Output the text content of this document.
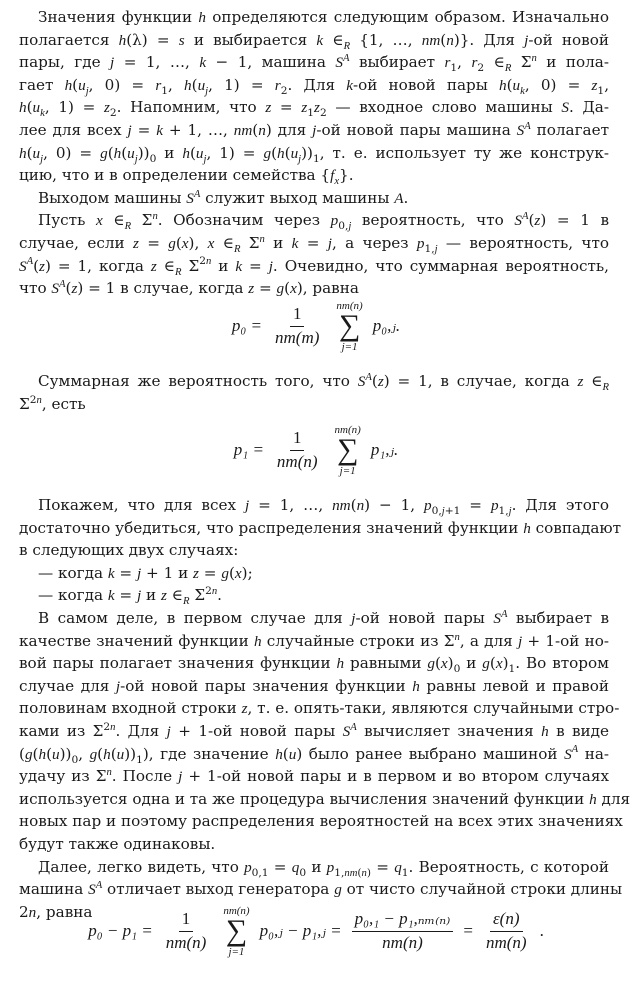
Значения функции h определяются следующим образом. Изначально
полагается h(λ) = s и выбирается k $\in_R$ {1, …, nm(n)}. Для j-ой новой
пары, где j = 1, …, k − 1, машина $S^A$ выбирает $r_1$, $r_2$ $\in_R$ $\Sigma^n$ и пола-
гает $h(u_j$, $0) = r_1$, $h(u_j$, $1) = r_2$. Для k-ой новой пары $h(u_k$, $0) = z_1$,
$h(u_k$, $1) = z_2$. Напомним, что $z = z_1z_2$ — входное слово машины S. Да-
лее для всех j = k + 1, …, nm(n) для j-ой новой пары машина $S^A$ полагает
$h(u_j$, $0) = g(h(u_j))_0$ и $h(u_j$, $1) = g(h(u_j))_1$, т. е. использует ту же конструк-
цию, что и в определении семейства $\{f_x\}$.
Выходом машины $S^A$ служит выход машины A.
Пусть x $\in_R$ $\Sigma^n$. Обозначим через $p_{0,j}$ вероятность, что $S^A(z) = 1$ в
случае, если z = g(x), x $\in_R$ $\Sigma^n$ и k = j, а через $p_{1,j}$ — вероятность, что
$S^A(z) = 1$, когда z $\in_R$ $\Sigma^{2n}$ и k = j. Очевидно, что суммарная вероятность,
что $S^A(z) = 1$ в случае, когда z = g(x), равна
$p_0 = \frac{1}{nm(m)} nm(n)$
∑
j=1
p₀,ⱼ.
Суммарная же вероятность того, что $S^A(z) = 1$, в случае, когда z $\in_R$
$\Sigma^{2n}$, есть
$p_1 = \frac{1}{nm(n)} nm(n)$
∑
j=1
p₁,ⱼ.
Покажем, что для всех j = 1, …, nm(n) − 1, $p_{0,j+1} = p_{1,j}$. Для этого
достаточно убедиться, что распределения значений функции h совпадают
в следующих двух случаях:
— когда k = j + 1 и z = g(x);
— когда k = j и z $\in_R$ $\Sigma^{2n}$.
В самом деле, в первом случае для j-ой новой пары $S^A$ выбирает в
качестве значений функции h случайные строки из $\Sigma^n$, а для j + 1-ой но-
вой пары полагает значения функции h равными $g(x)_0$ и $g(x)_1$. Во втором
случае для j-ой новой пары значения функции h равны левой и правой
половинам входной строки z, т. е. опять-таки, являются случайными стро-
ками из $\Sigma^{2n}$. Для j + 1-ой новой пары $S^A$ вычисляет значения h в виде
($g(h(u))_0$, $g(h(u))_1$), где значение h(u) было ранее выбрано машиной $S^A$ на-
удачу из $\Sigma^n$. После j + 1-ой новой пары и в первом и во втором случаях
используется одна и та же процедура вычисления значений функции h для
новых пар и поэтому распределения вероятностей на всех этих значениях
будут также одинаковы.
Далее, легко видеть, что $p_{0,1} = q_0$ и $p_{1,nm(n)} = q_1$. Вероятность, с которой
машина $S^A$ отличает выход генератора g от чисто случайной строки длины
2n, равна
$p_0 - p_1 = \frac{1}{nm(n)} nm(n)$
∑
j=1
p₀,ⱼ − p₁,ⱼ = $\frac{\text{p₀,₁ − p₁,ₙₘ₍ₙ₎}}{nm(n)} = \frac{\varepsilon(n)}{nm(n)}$ .
